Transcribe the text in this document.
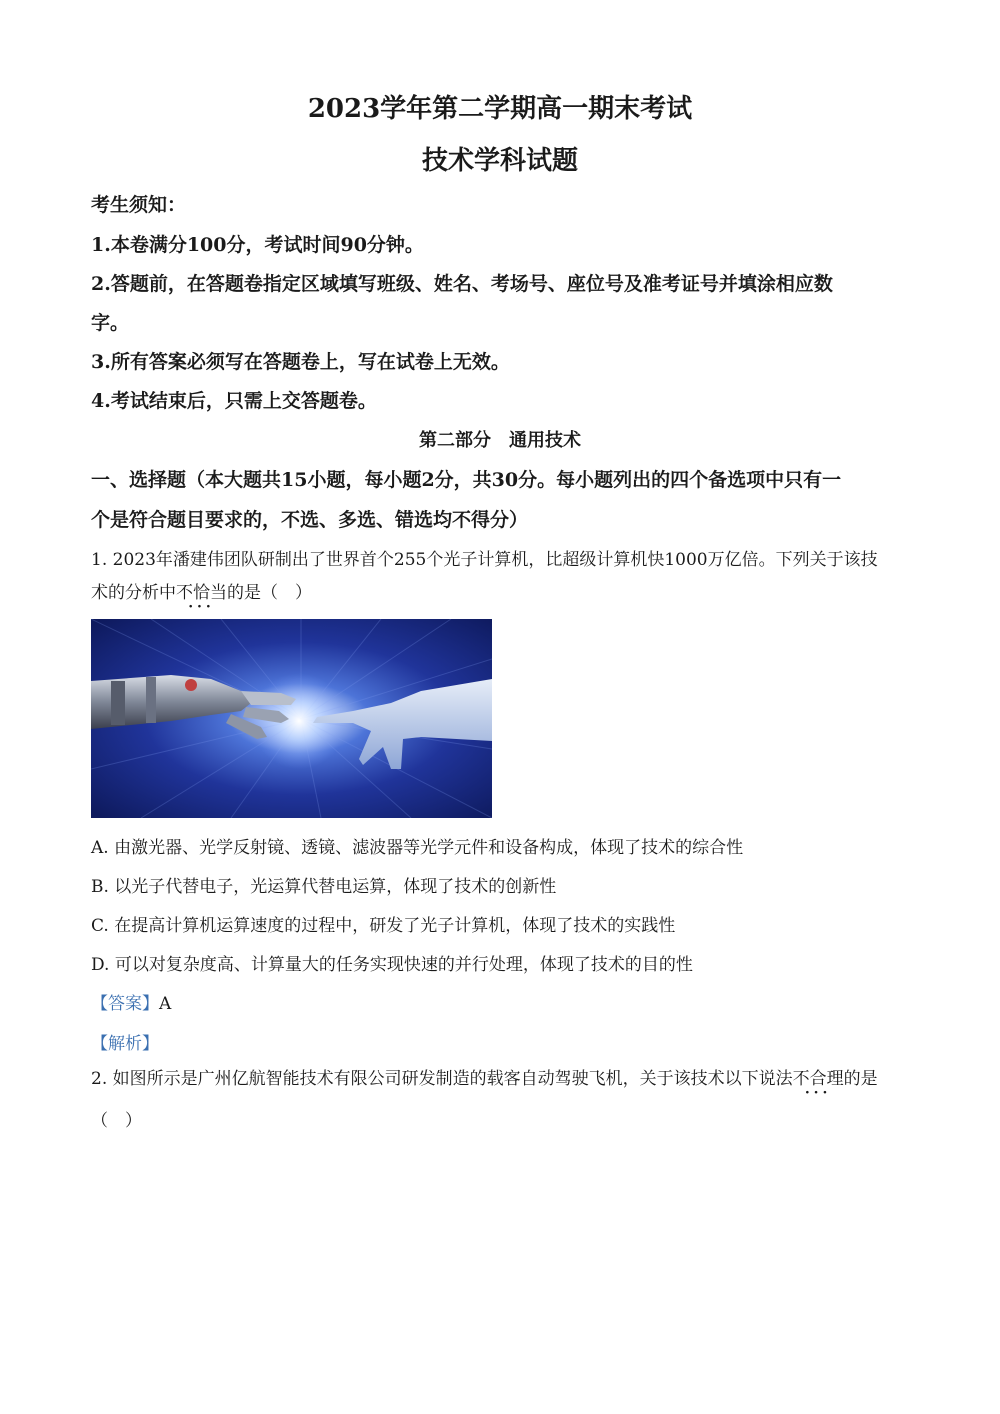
2023学年第二学期高一期末考试
技术学科试题
考生须知：
1.本卷满分100分，考试时间90分钟。
2.答题前，在答题卷指定区域填写班级、姓名、考场号、座位号及准考证号并填涂相应数
字。
3.所有答案必须写在答题卷上，写在试卷上无效。
4.考试结束后，只需上交答题卷。
第二部分　通用技术
一、选择题（本大题共15小题，每小题2分，共30分。每小题列出的四个备选项中只有一
个是符合题目要求的，不选、多选、错选均不得分）
1. 2023年潘建伟团队研制出了世界首个255个光子计算机，比超级计算机快1000万亿倍。下列关于该技
术的分析中不恰当 ···的是（　）
A. 由激光器、光学反射镜、透镜、滤波器等光学元件和设备构成，体现了技术的综合性
B. 以光子代替电子，光运算代替电运算，体现了技术的创新性
C. 在提高计算机运算速度的过程中，研发了光子计算机，体现了技术的实践性
D. 可以对复杂度高、计算量大的任务实现快速的并行处理，体现了技术的目的性
【答案】A
【解析】
2. 如图所示是广州亿航智能技术有限公司研发制造的载客自动驾驶飞机，关于该技术以下说法不合理 ···的是
（　）
